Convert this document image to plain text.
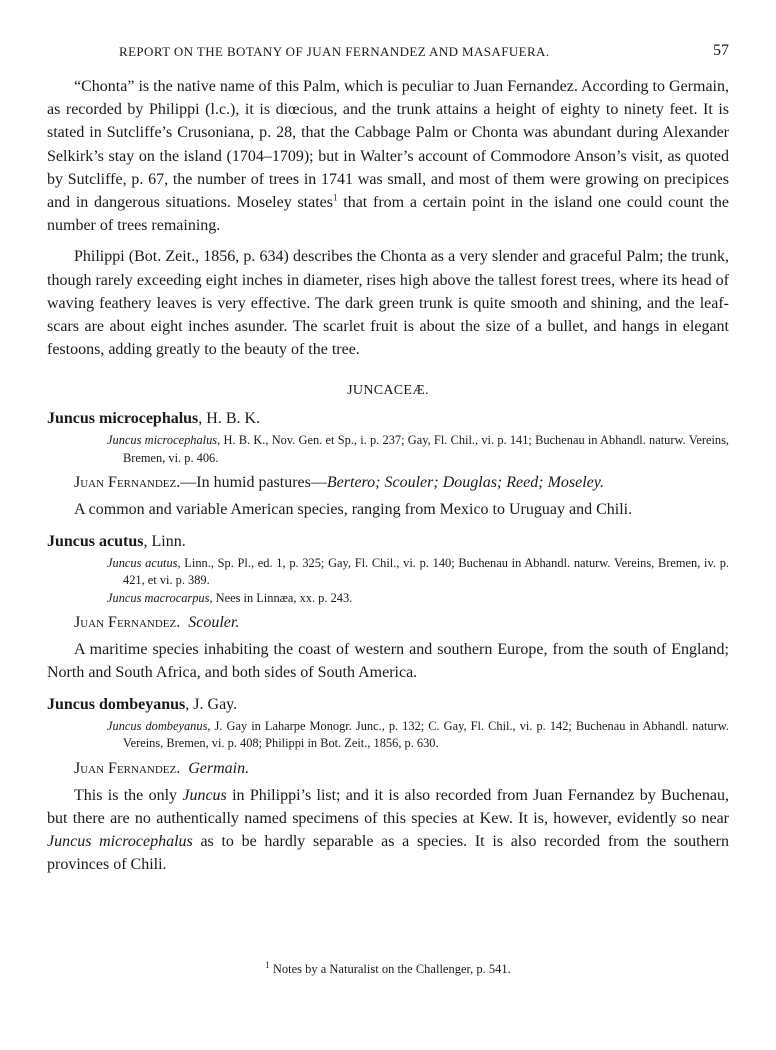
REPORT ON THE BOTANY OF JUAN FERNANDEZ AND MASAFUERA.	57

“Chonta” is the native name of this Palm, which is peculiar to Juan Fernandez. According to Germain, as recorded by Philippi (l.c.), it is diœcious, and the trunk attains a height of eighty to ninety feet. It is stated in Sutcliffe’s Crusoniana, p. 28, that the Cabbage Palm or Chonta was abundant during Alexander Selkirk’s stay on the island (1704–1709); but in Walter’s account of Commodore Anson’s visit, as quoted by Sutcliffe, p. 67, the number of trees in 1741 was small, and most of them were growing on precipices and in dangerous situations. Moseley states$^1$ that from a certain point in the island one could count the number of trees remaining.

Philippi (Bot. Zeit., 1856, p. 634) describes the Chonta as a very slender and graceful Palm; the trunk, though rarely exceeding eight inches in diameter, rises high above the tallest forest trees, where its head of waving feathery leaves is very effective. The dark green trunk is quite smooth and shining, and the leaf-scars are about eight inches asunder. The scarlet fruit is about the size of a bullet, and hangs in elegant festoons, adding greatly to the beauty of the tree.

JUNCACEÆ.
Juncus microcephalus, H. B. K.
Juncus microcephalus, H. B. K., Nov. Gen. et Sp., i. p. 237; Gay, Fl. Chil., vi. p. 141; Buchenau in Abhandl. naturw. Vereins, Bremen, vi. p. 406.
Juan Fernandez.—In humid pastures—Bertero; Scouler; Douglas; Reed; Moseley.

A common and variable American species, ranging from Mexico to Uruguay and Chili.

Juncus acutus, Linn.
Juncus acutus, Linn., Sp. Pl., ed. 1, p. 325; Gay, Fl. Chil., vi. p. 140; Buchenau in Abhandl. naturw. Vereins, Bremen, iv. p. 421, et vi. p. 389.
Juncus macrocarpus, Nees in Linnæa, xx. p. 243.
Juan Fernandez. Scouler.

A maritime species inhabiting the coast of western and southern Europe, from the south of England; North and South Africa, and both sides of South America.

Juncus dombeyanus, J. Gay.
Juncus dombeyanus, J. Gay in Laharpe Monogr. Junc., p. 132; C. Gay, Fl. Chil., vi. p. 142; Buchenau in Abhandl. naturw. Vereins, Bremen, vi. p. 408; Philippi in Bot. Zeit., 1856, p. 630.
Juan Fernandez. Germain.

This is the only Juncus in Philippi’s list; and it is also recorded from Juan Fernandez by Buchenau, but there are no authentically named specimens of this species at Kew. It is, however, evidently so near Juncus microcephalus as to be hardly separable as a species. It is also recorded from the southern provinces of Chili.

$^1$ Notes by a Naturalist on the Challenger, p. 541.
